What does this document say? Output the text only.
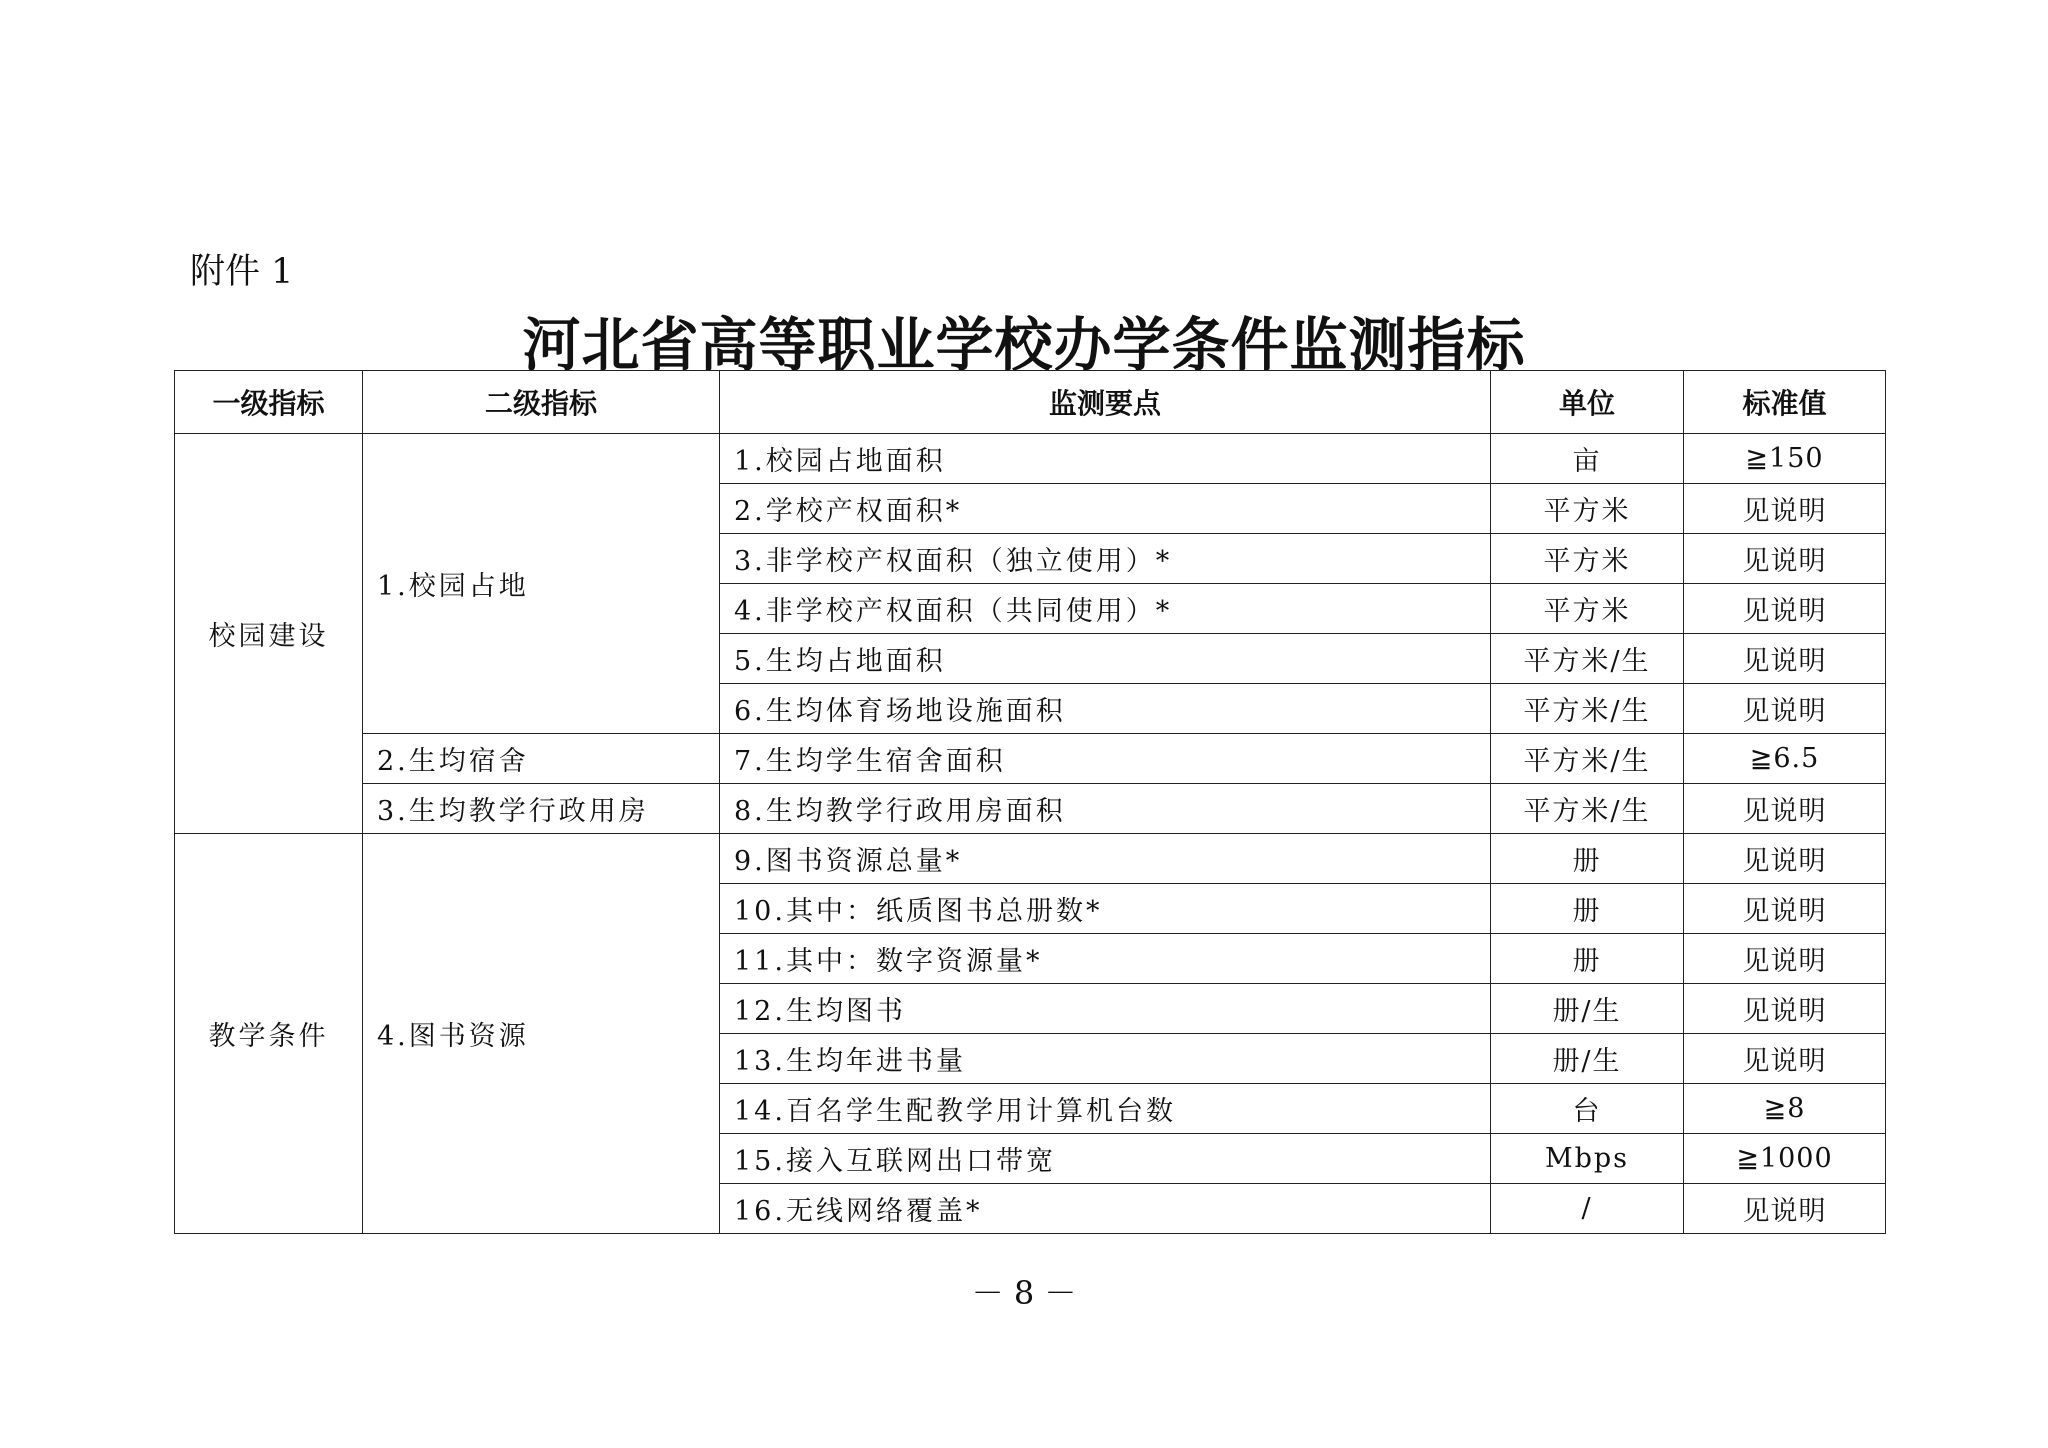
附件 1
河北省高等职业学校办学条件监测指标
一级指标	二级指标	监测要点	单位	标准值
校园建设	1.校园占地	1.校园占地面积	亩	≧150
		2.学校产权面积*	平方米	见说明
		3.非学校产权面积（独立使用）*	平方米	见说明
		4.非学校产权面积（共同使用）*	平方米	见说明
		5.生均占地面积	平方米/生	见说明
		6.生均体育场地设施面积	平方米/生	见说明
	2.生均宿舍	7.生均学生宿舍面积	平方米/生	≧6.5
	3.生均教学行政用房	8.生均教学行政用房面积	平方米/生	见说明
教学条件	4.图书资源	9.图书资源总量*	册	见说明
		10.其中：纸质图书总册数*	册	见说明
		11.其中：数字资源量*	册	见说明
		12.生均图书	册/生	见说明
		13.生均年进书量	册/生	见说明
		14.百名学生配教学用计算机台数	台	≧8
		15.接入互联网出口带宽	Mbps	≧1000
		16.无线网络覆盖*	/	见说明
－ 8 －
